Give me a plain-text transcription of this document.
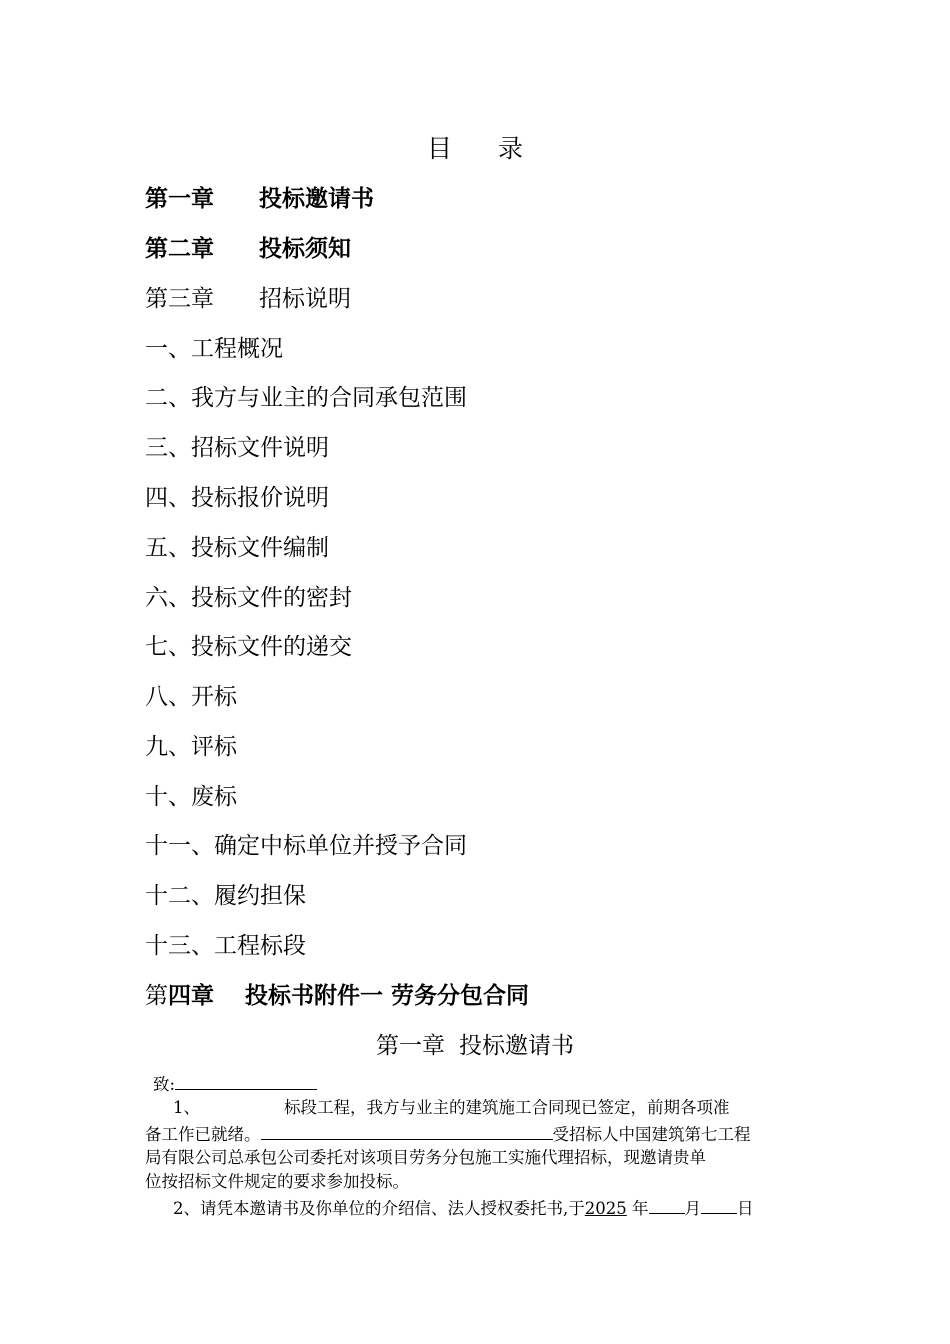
目 录
第一章 投标邀请书
第二章 投标须知
第三章 招标说明
一、工程概况
二、我方与业主的合同承包范围
三、招标文件说明
四、投标报价说明
五、投标文件编制
六、投标文件的密封
七、投标文件的递交
八、开标
九、评标
十、废标
十一、确定中标单位并授予合同
十二、履约担保
十三、工程标段
第四章 投标书附件一 劳务分包合同
第一章 投标邀请书
致:
1、	标段工程，我方与业主的建筑施工合同现已签定，前期各项准
备工作已就绪。	受招标人中国建筑第七工程
局有限公司总承包公司委托对该项目劳务分包施工实施代理招标，现邀请贵单
位按招标文件规定的要求参加投标。
2、请凭本邀请书及你单位的介绍信、法人授权委托书,于2025 年 月 日
